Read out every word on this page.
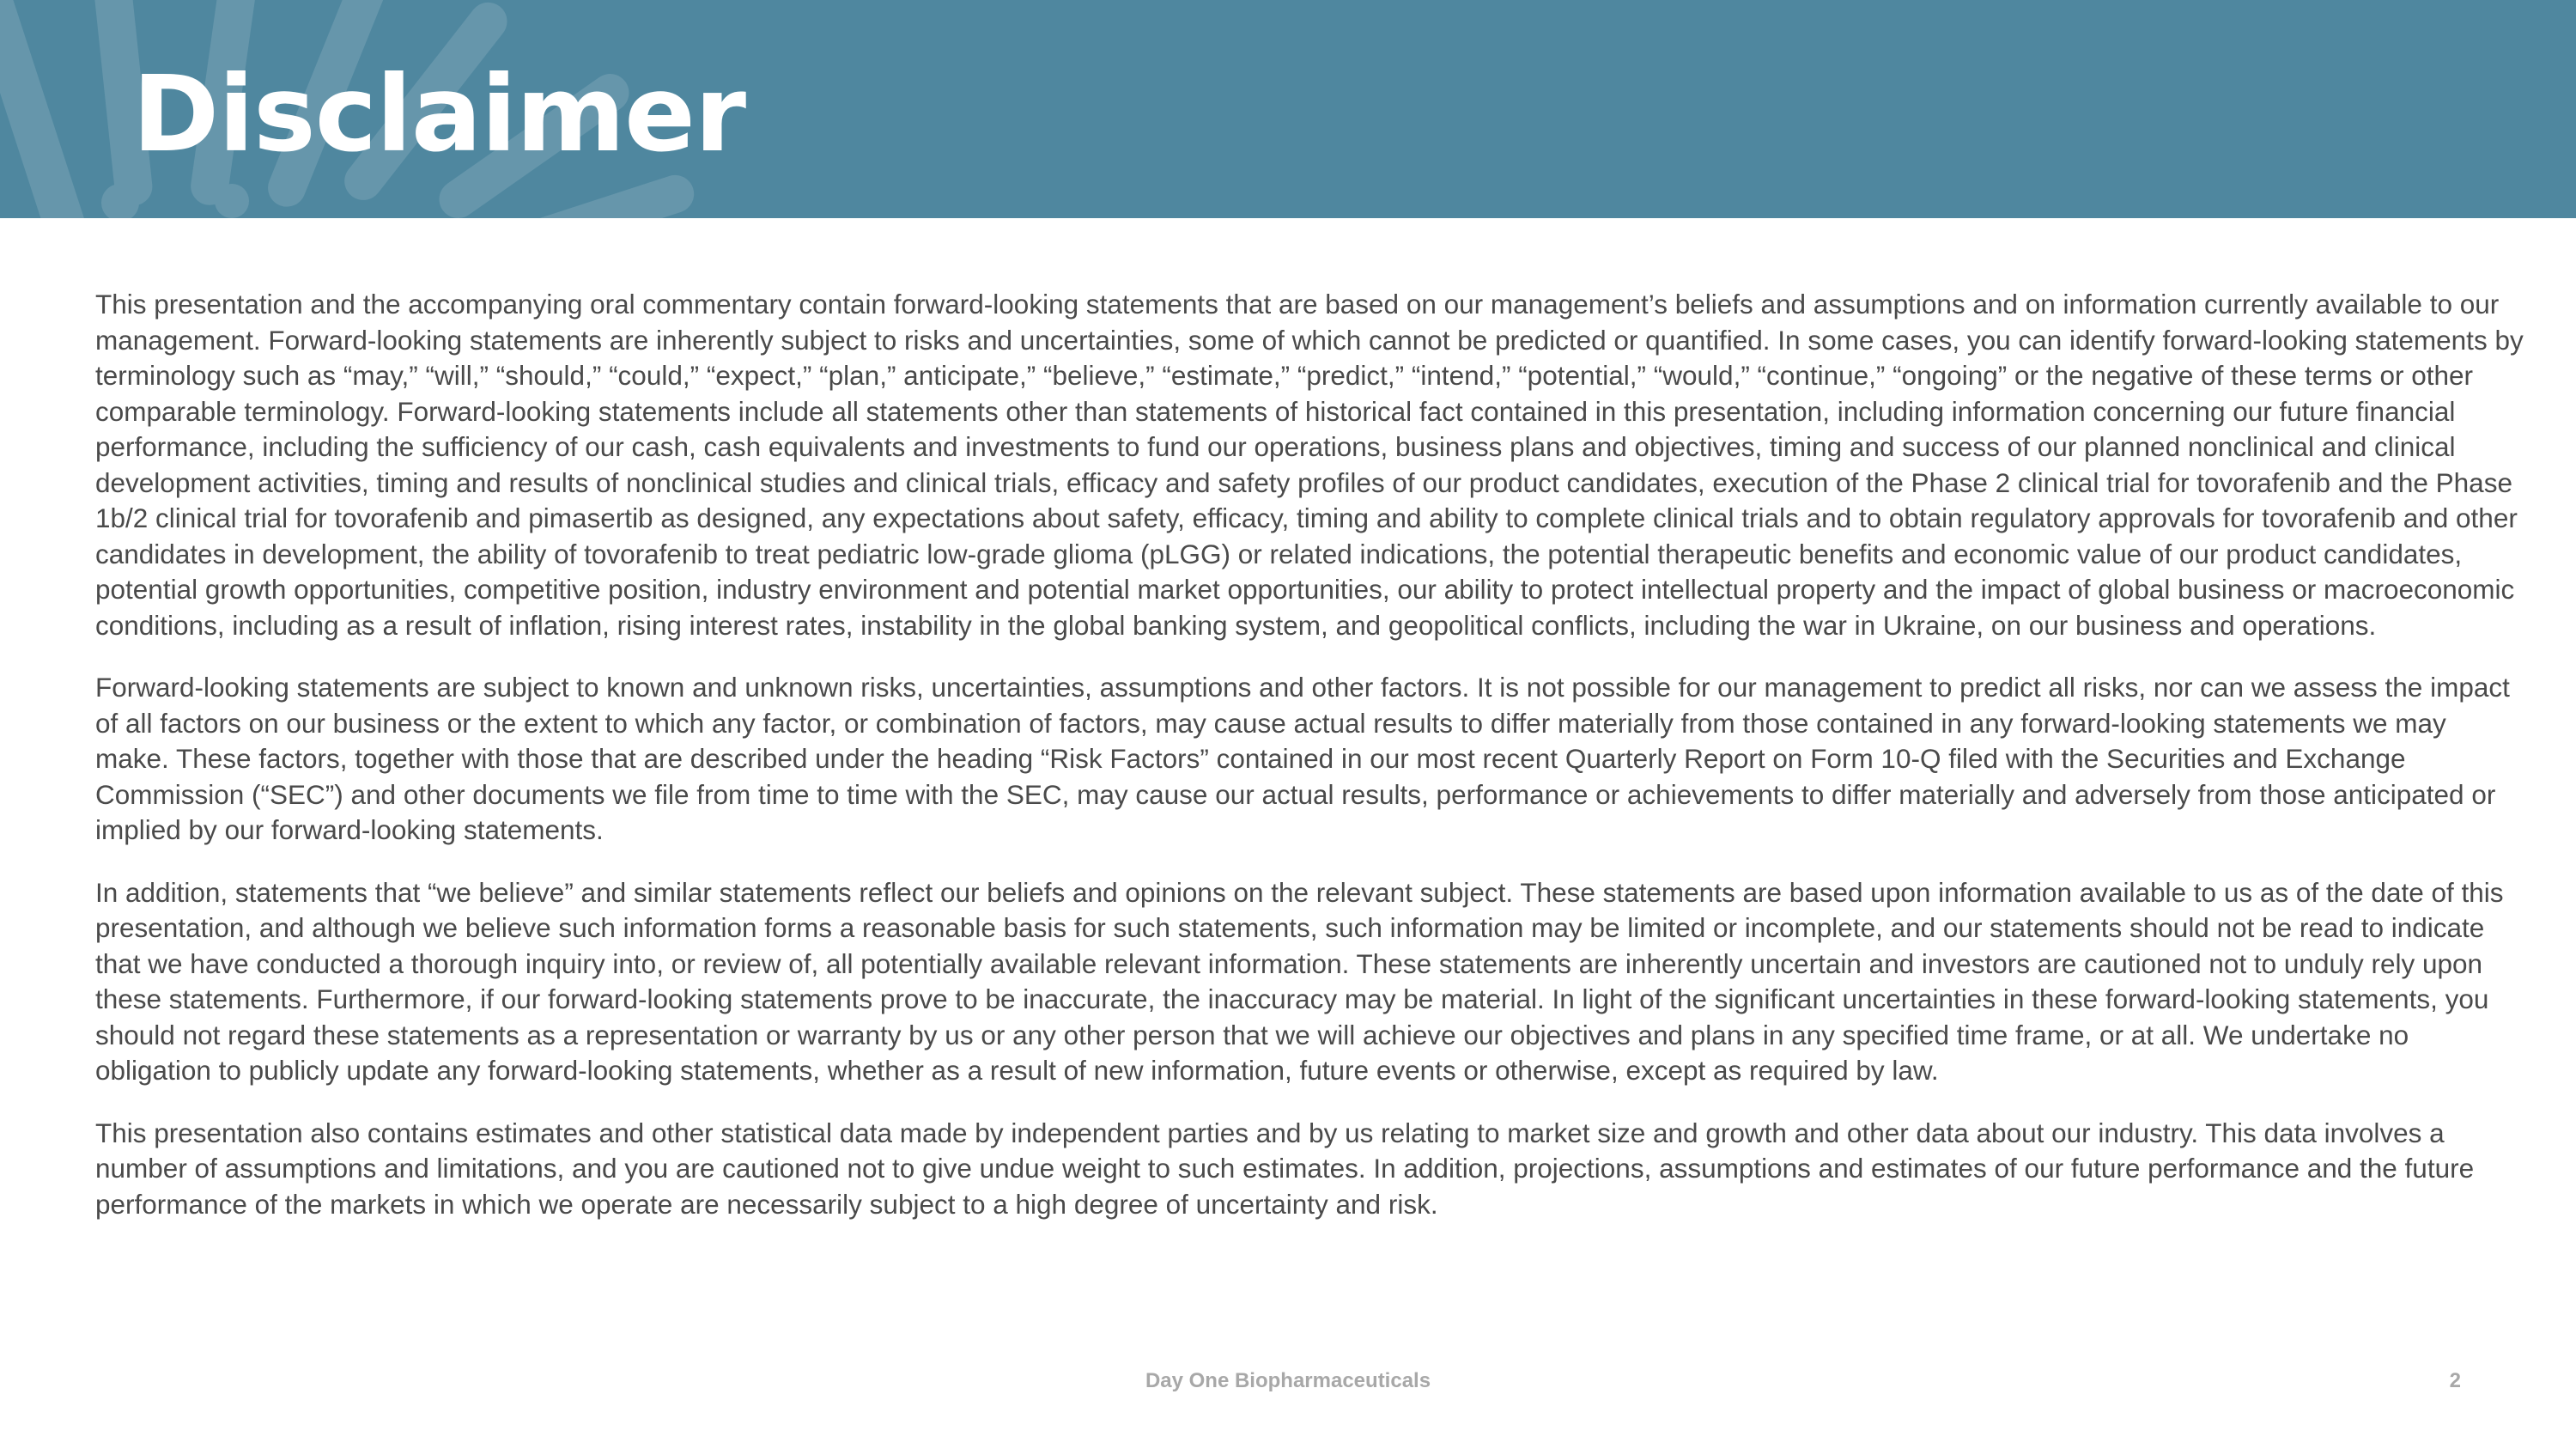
Disclaimer

This presentation and the accompanying oral commentary contain forward-looking statements that are based on our management’s beliefs and assumptions and on information currently available to our management. Forward-looking statements are inherently subject to risks and uncertainties, some of which cannot be predicted or quantified. In some cases, you can identify forward-looking statements by terminology such as “may,” “will,” “should,” “could,” “expect,” “plan,” anticipate,” “believe,” “estimate,” “predict,” “intend,” “potential,” “would,” “continue,” “ongoing” or the negative of these terms or other comparable terminology. Forward-looking statements include all statements other than statements of historical fact contained in this presentation, including information concerning our future financial performance, including the sufficiency of our cash, cash equivalents and investments to fund our operations, business plans and objectives, timing and success of our planned nonclinical and clinical development activities, timing and results of nonclinical studies and clinical trials, efficacy and safety profiles of our product candidates, execution of the Phase 2 clinical trial for tovorafenib and the Phase 1b/2 clinical trial for tovorafenib and pimasertib as designed, any expectations about safety, efficacy, timing and ability to complete clinical trials and to obtain regulatory approvals for tovorafenib and other candidates in development, the ability of tovorafenib to treat pediatric low-grade glioma (pLGG) or related indications, the potential therapeutic benefits and economic value of our product candidates, potential growth opportunities, competitive position, industry environment and potential market opportunities, our ability to protect intellectual property and the impact of global business or macroeconomic conditions, including as a result of inflation, rising interest rates, instability in the global banking system, and geopolitical conflicts, including the war in Ukraine, on our business and operations.

Forward-looking statements are subject to known and unknown risks, uncertainties, assumptions and other factors. It is not possible for our management to predict all risks, nor can we assess the impact of all factors on our business or the extent to which any factor, or combination of factors, may cause actual results to differ materially from those contained in any forward-looking statements we may make. These factors, together with those that are described under the heading “Risk Factors” contained in our most recent Quarterly Report on Form 10-Q filed with the Securities and Exchange Commission (“SEC”) and other documents we file from time to time with the SEC, may cause our actual results, performance or achievements to differ materially and adversely from those anticipated or implied by our forward-looking statements.

In addition, statements that “we believe” and similar statements reflect our beliefs and opinions on the relevant subject. These statements are based upon information available to us as of the date of this presentation, and although we believe such information forms a reasonable basis for such statements, such information may be limited or incomplete, and our statements should not be read to indicate that we have conducted a thorough inquiry into, or review of, all potentially available relevant information. These statements are inherently uncertain and investors are cautioned not to unduly rely upon these statements. Furthermore, if our forward-looking statements prove to be inaccurate, the inaccuracy may be material. In light of the significant uncertainties in these forward-looking statements, you should not regard these statements as a representation or warranty by us or any other person that we will achieve our objectives and plans in any specified time frame, or at all. We undertake no obligation to publicly update any forward-looking statements, whether as a result of new information, future events or otherwise, except as required by law.

This presentation also contains estimates and other statistical data made by independent parties and by us relating to market size and growth and other data about our industry. This data involves a number of assumptions and limitations, and you are cautioned not to give undue weight to such estimates. In addition, projections, assumptions and estimates of our future performance and the future performance of the markets in which we operate are necessarily subject to a high degree of uncertainty and risk.

Day One Biopharmaceuticals	2
